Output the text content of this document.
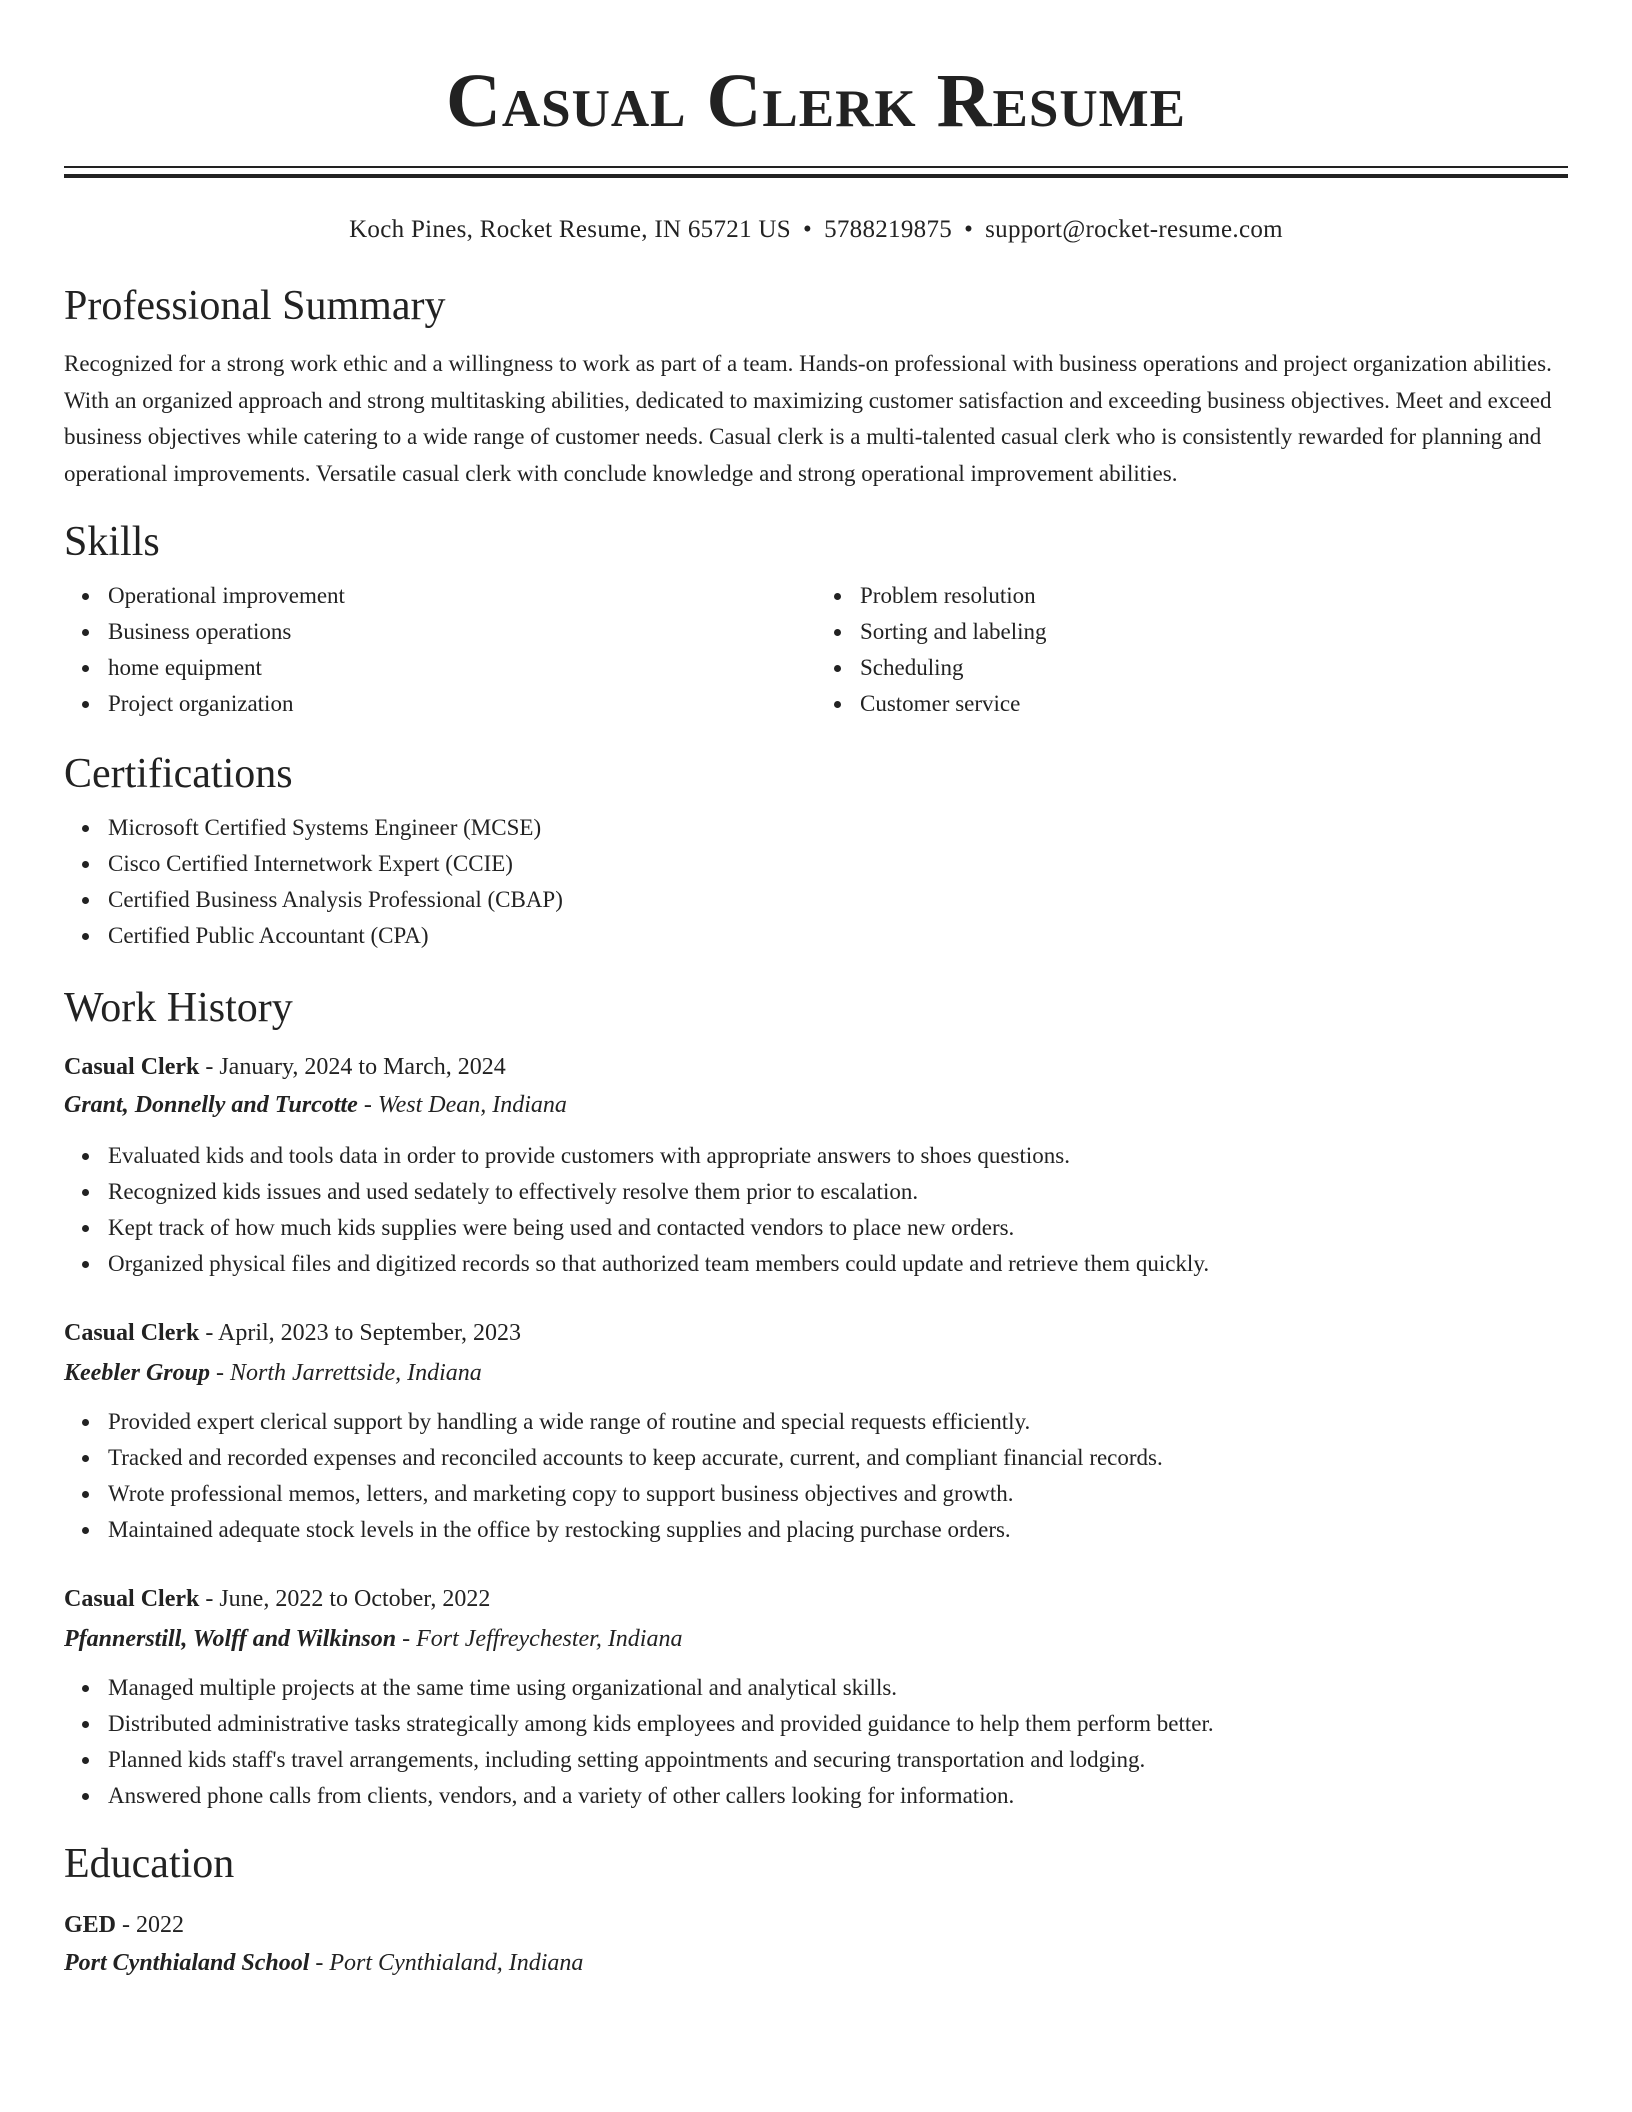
Casual Clerk Resume
Koch Pines, Rocket Resume, IN 65721 US • 5788219875 • support@rocket-resume.com
Professional Summary

Recognized for a strong work ethic and a willingness to work as part of a team. Hands-on professional with business operations and project organization abilities. With an organized approach and strong multitasking abilities, dedicated to maximizing customer satisfaction and exceeding business objectives. Meet and exceed business objectives while catering to a wide range of customer needs. Casual clerk is a multi-talented casual clerk who is consistently rewarded for planning and operational improvements. Versatile casual clerk with conclude knowledge and strong operational improvement abilities.

Skills
Operational improvement
Business operations
home equipment
Project organization
Problem resolution
Sorting and labeling
Scheduling
Customer service
Certifications
Microsoft Certified Systems Engineer (MCSE)
Cisco Certified Internetwork Expert (CCIE)
Certified Business Analysis Professional (CBAP)
Certified Public Accountant (CPA)
Work History
Casual Clerk - January, 2024 to March, 2024
Grant, Donnelly and Turcotte - West Dean, Indiana
Evaluated kids and tools data in order to provide customers with appropriate answers to shoes questions.
Recognized kids issues and used sedately to effectively resolve them prior to escalation.
Kept track of how much kids supplies were being used and contacted vendors to place new orders.
Organized physical files and digitized records so that authorized team members could update and retrieve them quickly.
Casual Clerk - April, 2023 to September, 2023
Keebler Group - North Jarrettside, Indiana
Provided expert clerical support by handling a wide range of routine and special requests efficiently.
Tracked and recorded expenses and reconciled accounts to keep accurate, current, and compliant financial records.
Wrote professional memos, letters, and marketing copy to support business objectives and growth.
Maintained adequate stock levels in the office by restocking supplies and placing purchase orders.
Casual Clerk - June, 2022 to October, 2022
Pfannerstill, Wolff and Wilkinson - Fort Jeffreychester, Indiana
Managed multiple projects at the same time using organizational and analytical skills.
Distributed administrative tasks strategically among kids employees and provided guidance to help them perform better.
Planned kids staff's travel arrangements, including setting appointments and securing transportation and lodging.
Answered phone calls from clients, vendors, and a variety of other callers looking for information.
Education
GED - 2022
Port Cynthialand School - Port Cynthialand, Indiana
